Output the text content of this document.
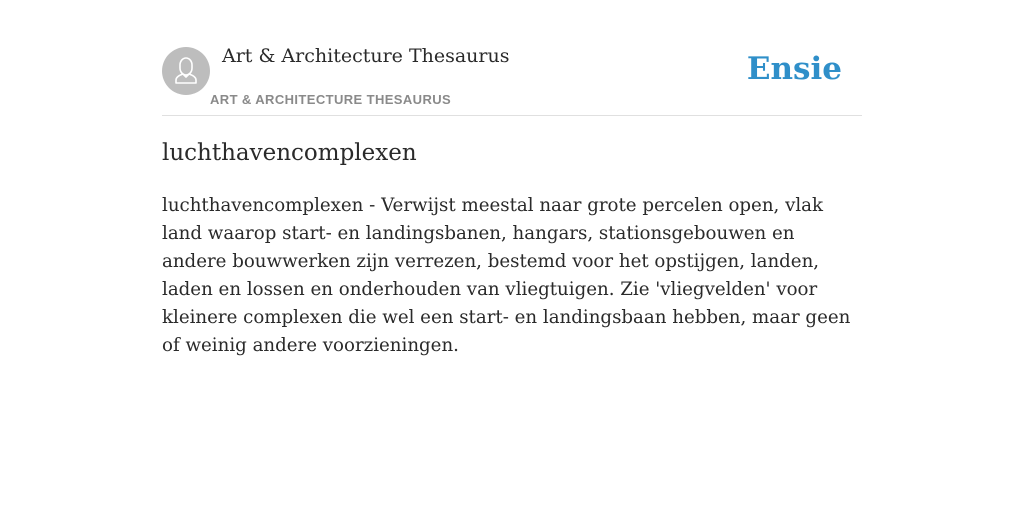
Art & Architecture Thesaurus
ART & ARCHITECTURE THESAURUS
Ensie
luchthavencomplexen

luchthavencomplexen - Verwijst meestal naar grote percelen open, vlak land waarop start- en landingsbanen, hangars, stationsgebouwen en andere bouwwerken zijn verrezen, bestemd voor het opstijgen, landen, laden en lossen en onderhouden van vliegtuigen. Zie 'vliegvelden' voor kleinere complexen die wel een start- en landingsbaan hebben, maar geen of weinig andere voorzieningen.
